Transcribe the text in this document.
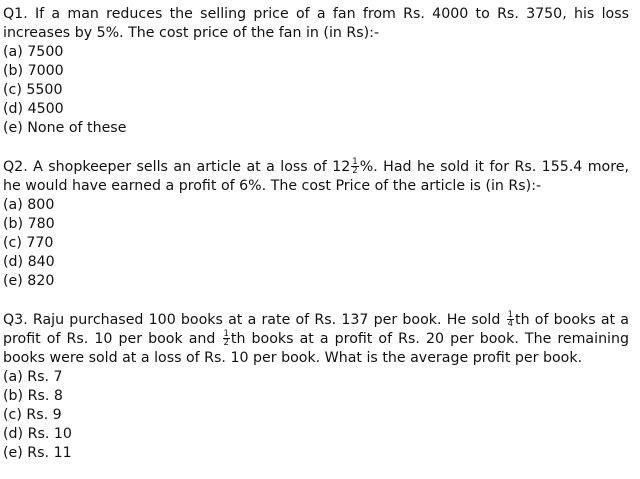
Q1. If a man reduces the selling price of a fan from Rs. 4000 to Rs. 3750, his loss increases by 5%. The cost price of the fan in (in Rs):-

(a) 7500
(b) 7000
(c) 5500
(d) 4500
(e) None of these

Q2. A shopkeeper sells an article at a loss of $12 \frac{1}{2}$ %. Had he sold it for Rs. 155.4 more, he would have earned a profit of 6%. The cost Price of the article is (in Rs):-

(a) 800
(b) 780
(c) 770
(d) 840
(e) 820

Q3. Raju purchased 100 books at a rate of Rs. 137 per book. He sold $\frac{1}{4}$ th of books at a profit of Rs. 10 per book and $\frac{1}{2}$ th books at a profit of Rs. 20 per book. The remaining books were sold at a loss of Rs. 10 per book. What is the average profit per book.

(a) Rs. 7
(b) Rs. 8
(c) Rs. 9
(d) Rs. 10
(e) Rs. 11
